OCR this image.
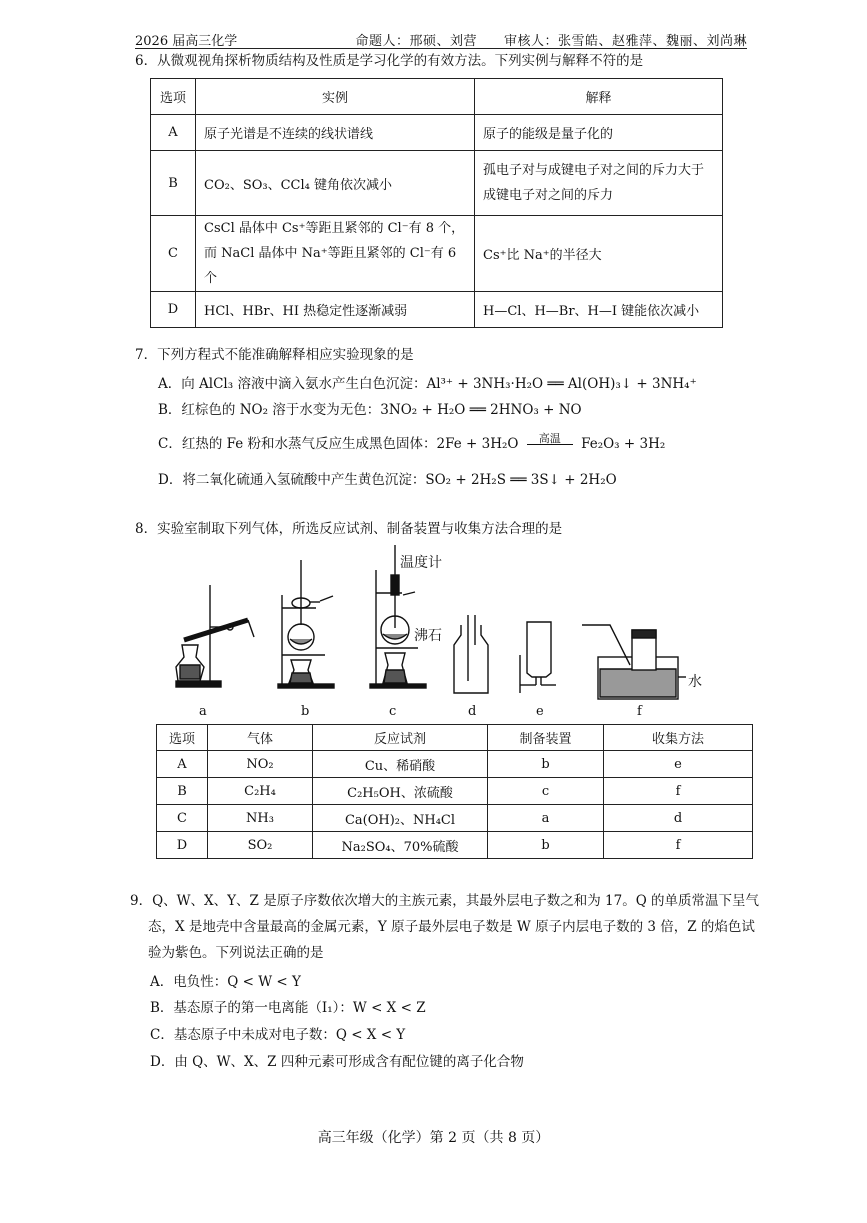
2026 届高三化学	命题人：邢硕、刘营　　审核人：张雪皓、赵雅萍、魏丽、刘尚琳
6．从微观视角探析物质结构及性质是学习化学的有效方法。下列实例与解释不符的是
选项	实例	解释
A	原子光谱是不连续的线状谱线	原子的能级是量子化的
B	CO₂、SO₃、CCl₄ 键角依次减小	孤电子对与成键电子对之间的斥力大于
成键电子对之间的斥力

C	CsCl 晶体中 Cs⁺等距且紧邻的 Cl⁻有 8 个，
而 NaCl 晶体中 Na⁺等距且紧邻的 Cl⁻有 6 个	Cs⁺比 Na⁺的半径大
D	HCl、HBr、HI 热稳定性逐渐减弱	H—Cl、H—Br、H—I 键能依次减小
7．下列方程式不能准确解释相应实验现象的是
A．向 AlCl₃ 溶液中滴入氨水产生白色沉淀：Al³⁺ + 3NH₃·H₂O ══ Al(OH)₃↓ + 3NH₄⁺
B．红棕色的 NO₂ 溶于水变为无色：3NO₂ + H₂O ══ 2HNO₃ + NO
C．红热的 Fe 粉和水蒸气反应生成黑色固体：2Fe + 3H₂O	高温	Fe₂O₃ + 3H₂
D．将二氧化硫通入氢硫酸中产生黄色沉淀：SO₂ + 2H₂S ══ 3S↓ + 2H₂O
8．实验室制取下列气体，所选反应试剂、制备装置与收集方法合理的是
温度计
沸石
水
a	b	c	d	e	f
选项	气体	反应试剂	制备装置	收集方法
A	NO₂	Cu、稀硝酸	b	e
B	C₂H₄	C₂H₅OH、浓硫酸	c	f
C	NH₃	Ca(OH)₂、NH₄Cl	a	d
D	SO₂	Na₂SO₄、70%硫酸	b	f
9．Q、W、X、Y、Z 是原子序数依次增大的主族元素，其最外层电子数之和为 17。Q 的单质常温下呈气
态，X 是地壳中含量最高的金属元素，Y 原子最外层电子数是 W 原子内层电子数的 3 倍，Z 的焰色试
验为紫色。下列说法正确的是
A．电负性：Q < W < Y
B．基态原子的第一电离能（I₁）：W < X < Z
C．基态原子中未成对电子数：Q < X < Y
D．由 Q、W、X、Z 四种元素可形成含有配位键的离子化合物
高三年级（化学）第 2 页（共 8 页）
